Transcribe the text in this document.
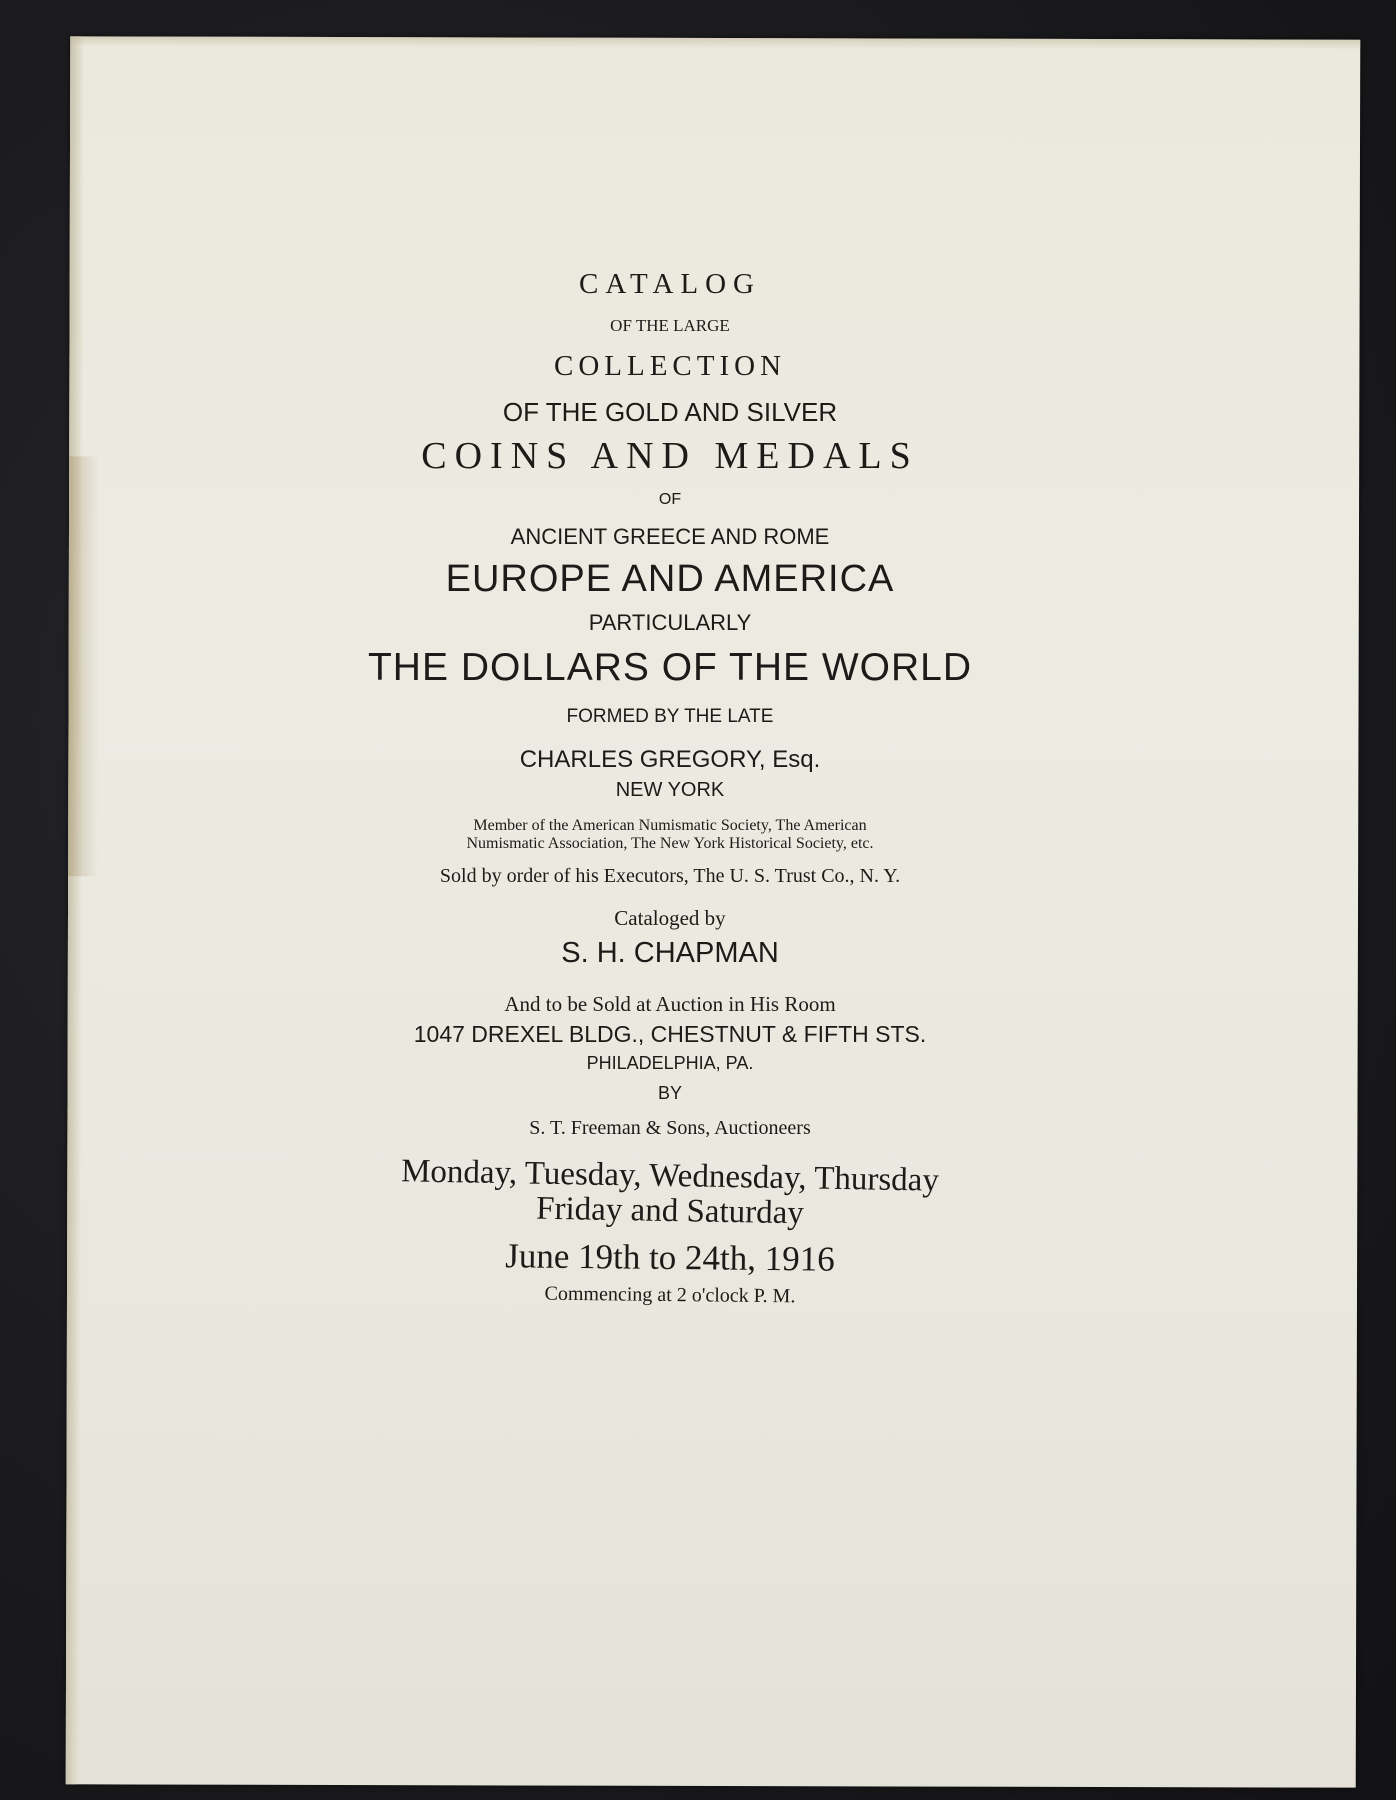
CATALOG
OF THE LARGE
COLLECTION
OF THE GOLD AND SILVER
COINS AND MEDALS
OF
ANCIENT GREECE AND ROME
EUROPE AND AMERICA
PARTICULARLY
THE DOLLARS OF THE WORLD
FORMED BY THE LATE
CHARLES GREGORY, Esq.
NEW YORK
Member of the American Numismatic Society, The American
Numismatic Association, The New York Historical Society, etc.
Sold by order of his Executors, The U. S. Trust Co., N. Y.
Cataloged by
S. H. CHAPMAN
And to be Sold at Auction in His Room
1047 DREXEL BLDG., CHESTNUT & FIFTH STS.
PHILADELPHIA, PA.
BY
S. T. Freeman & Sons, Auctioneers
Monday, Tuesday, Wednesday, Thursday
Friday and Saturday
June 19th to 24th, 1916
Commencing at 2 o'clock P. M.
